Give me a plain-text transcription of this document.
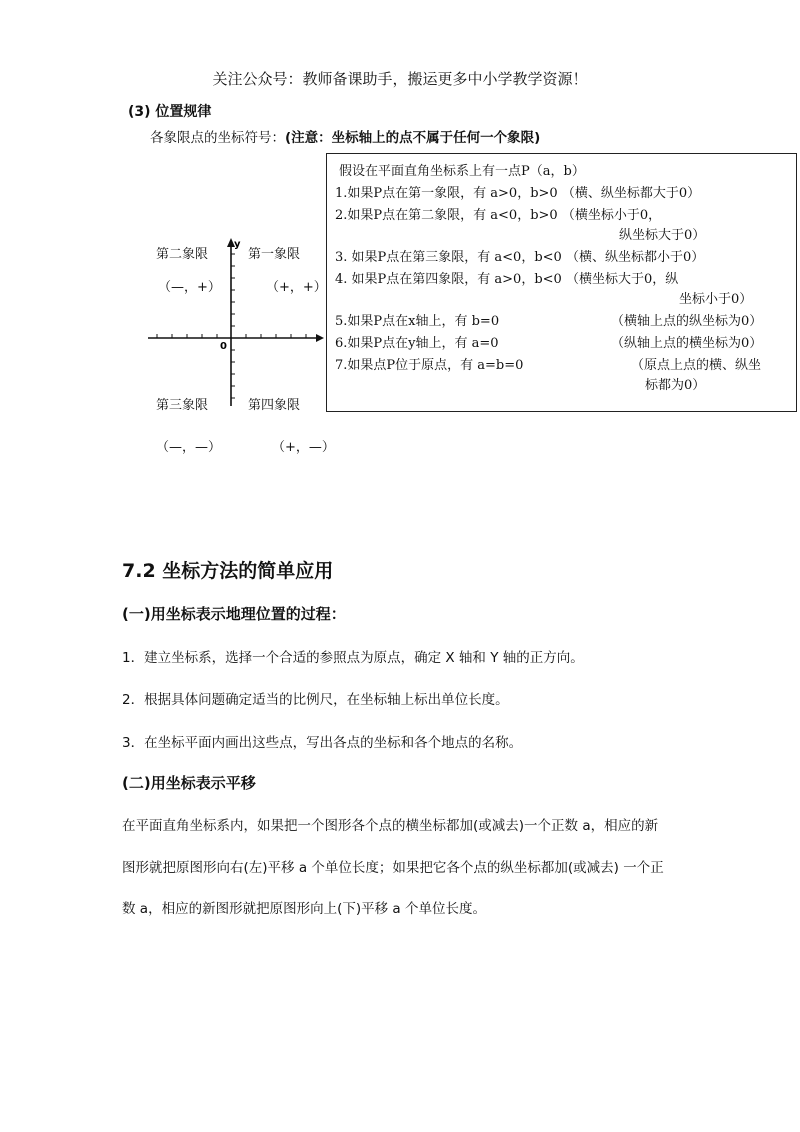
关注公众号：教师备课助手，搬运更多中小学教学资源！
(3) 位置规律
各象限点的坐标符号：(注意：坐标轴上的点不属于任何一个象限)
y
0
第二象限	第一象限
（—，+）	（+，+）
第三象限	第四象限
（—，—）	（+，—）
假设在平面直角坐标系上有一点P（a，b）
1.如果P点在第一象限，有 a>0，b>0 （横、纵坐标都大于0）
2.如果P点在第二象限，有 a<0，b>0 （横坐标小于0，
纵坐标大于0）
3. 如果P点在第三象限，有 a<0，b<0 （横、纵坐标都小于0）
4. 如果P点在第四象限，有 a>0，b<0 （横坐标大于0，纵
坐标小于0）
5.如果P点在x轴上，有 b=0	（横轴上点的纵坐标为0）
6.如果P点在y轴上，有 a=0	（纵轴上点的横坐标为0）
7.如果点P位于原点，有 a=b=0	（原点上点的横、纵坐
标都为0）
7.2 坐标方法的简单应用
(一)用坐标表示地理位置的过程：
1．建立坐标系，选择一个合适的参照点为原点，确定 X 轴和 Y 轴的正方向。
2．根据具体问题确定适当的比例尺，在坐标轴上标出单位长度。
3．在坐标平面内画出这些点，写出各点的坐标和各个地点的名称。
(二)用坐标表示平移
在平面直角坐标系内，如果把一个图形各个点的横坐标都加(或减去)一个正数 a，相应的新
图形就把原图形向右(左)平移 a 个单位长度；如果把它各个点的纵坐标都加(或减去) 一个正
数 a，相应的新图形就把原图形向上(下)平移 a 个单位长度。
